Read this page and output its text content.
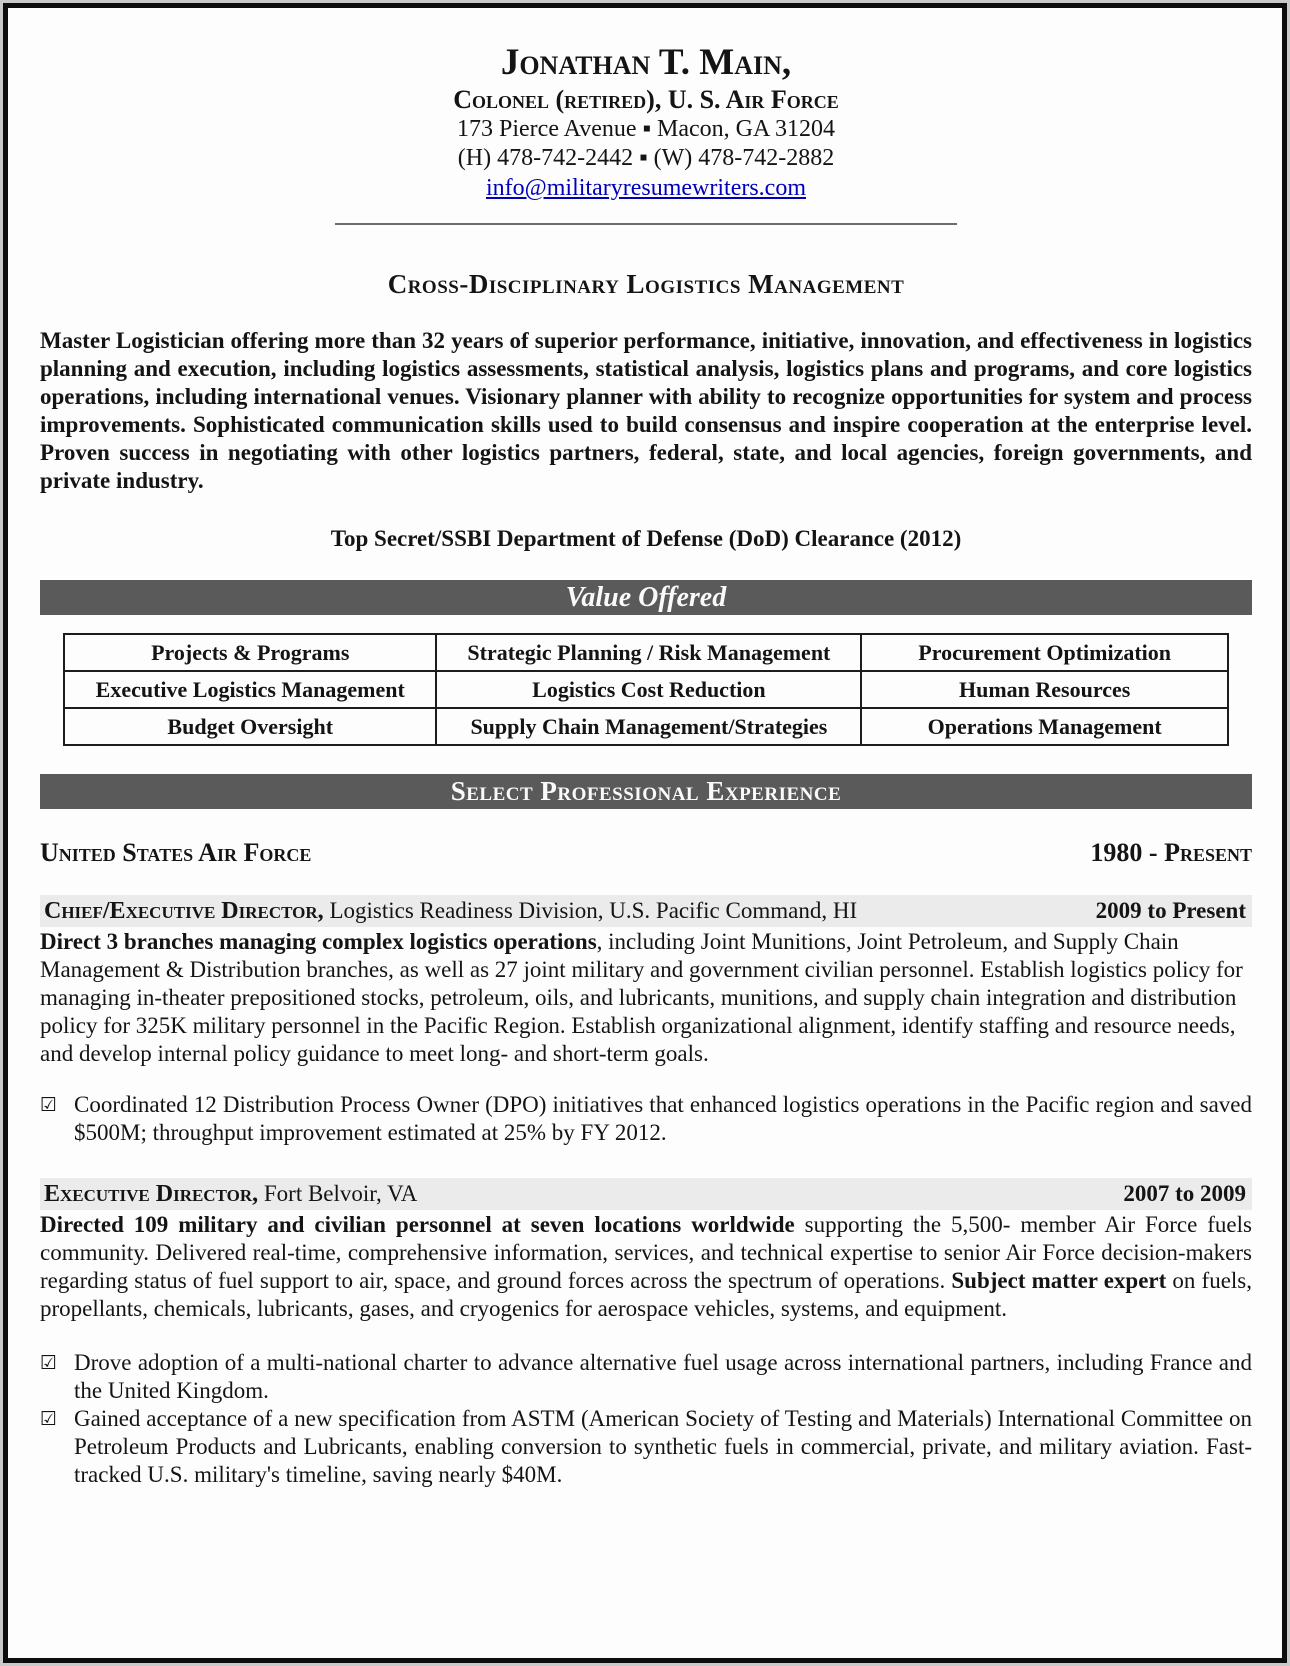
Jonathan T. Main,
Colonel (retired), U. S. Air Force
173 Pierce Avenue ▪ Macon, GA 31204
(H) 478-742-2442 ▪ (W) 478-742-2882
info@militaryresumewriters.com
Cross-Disciplinary Logistics Management
Master Logistician offering more than 32 years of superior performance, initiative, innovation, and effectiveness in logistics planning and execution, including logistics assessments, statistical analysis, logistics plans and programs, and core logistics operations, including international venues. Visionary planner with ability to recognize opportunities for system and process improvements. Sophisticated communication skills used to build consensus and inspire cooperation at the enterprise level. Proven success in negotiating with other logistics partners, federal, state, and local agencies, foreign governments, and private industry.
Top Secret/SSBI Department of Defense (DoD) Clearance (2012)
Value Offered
Projects & Programs	Strategic Planning / Risk Management	Procurement Optimization
Executive Logistics Management	Logistics Cost Reduction	Human Resources
Budget Oversight	Supply Chain Management/Strategies	Operations Management
Select Professional Experience
United States Air Force	1980 - Present
Chief/Executive Director, Logistics Readiness Division, U.S. Pacific Command, HI	2009 to Present
Direct 3 branches managing complex logistics operations, including Joint Munitions, Joint Petroleum, and Supply Chain Management & Distribution branches, as well as 27 joint military and government civilian personnel. Establish logistics policy for managing in-theater prepositioned stocks, petroleum, oils, and lubricants, munitions, and supply chain integration and distribution policy for 325K military personnel in the Pacific Region. Establish organizational alignment, identify staffing and resource needs, and develop internal policy guidance to meet long- and short-term goals.
☑ Coordinated 12 Distribution Process Owner (DPO) initiatives that enhanced logistics operations in the Pacific region and saved $500M; throughput improvement estimated at 25% by FY 2012.
Executive Director, Fort Belvoir, VA	2007 to 2009
Directed 109 military and civilian personnel at seven locations worldwide supporting the 5,500- member Air Force fuels community. Delivered real-time, comprehensive information, services, and technical expertise to senior Air Force decision-makers regarding status of fuel support to air, space, and ground forces across the spectrum of operations. Subject matter expert on fuels, propellants, chemicals, lubricants, gases, and cryogenics for aerospace vehicles, systems, and equipment.
☑ Drove adoption of a multi-national charter to advance alternative fuel usage across international partners, including France and the United Kingdom.
☑ Gained acceptance of a new specification from ASTM (American Society of Testing and Materials) International Committee on Petroleum Products and Lubricants, enabling conversion to synthetic fuels in commercial, private, and military aviation. Fast-tracked U.S. military's timeline, saving nearly $40M.
